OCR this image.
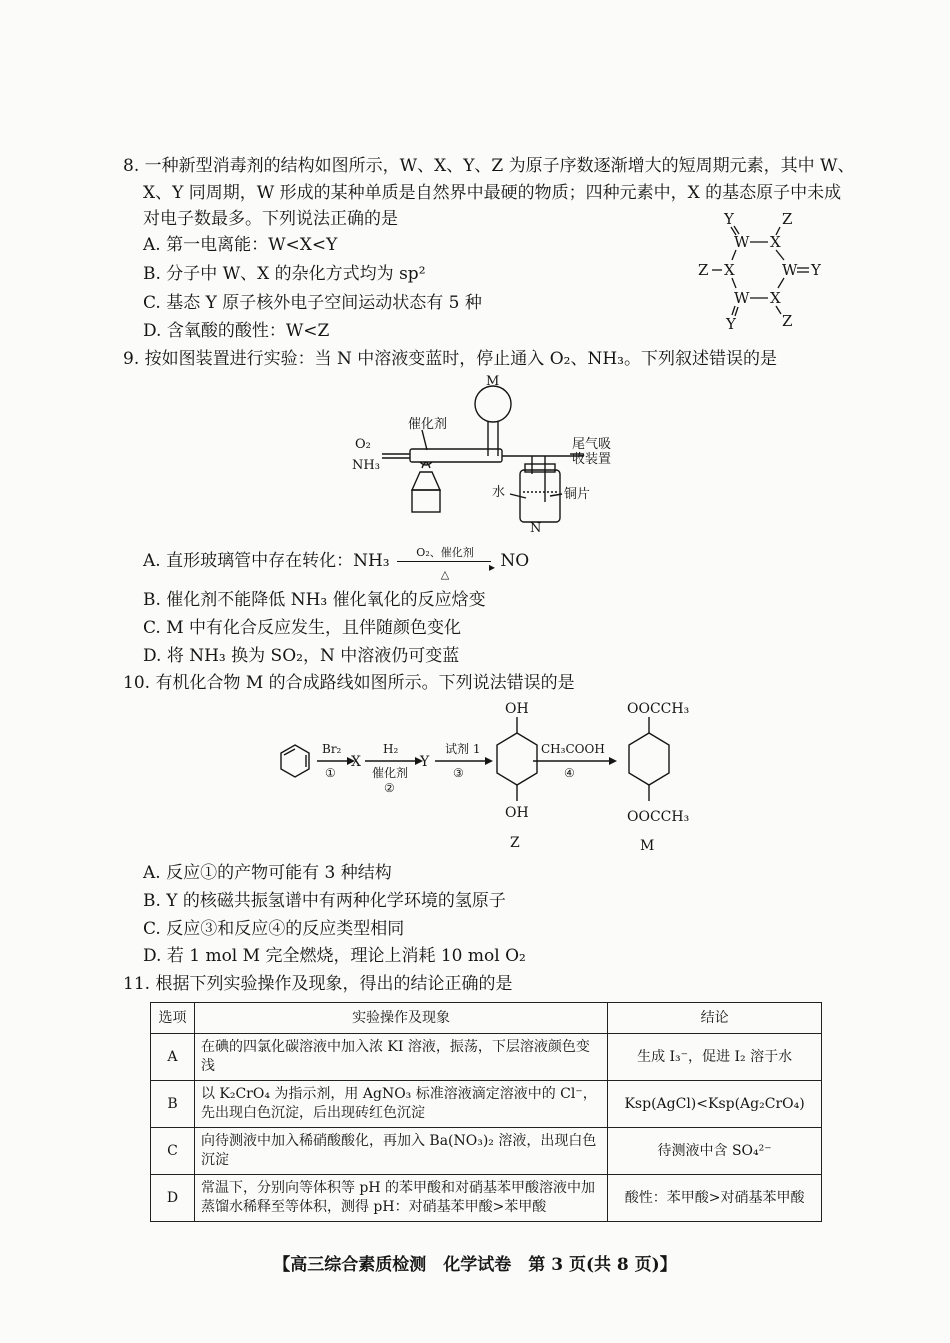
8. 一种新型消毒剂的结构如图所示，W、X、Y、Z 为原子序数逐渐增大的短周期元素，其中 W、
X、Y 同周期，W 形成的某种单质是自然界中最硬的物质；四种元素中，X 的基态原子中未成
对电子数最多。下列说法正确的是
A. 第一电离能：W<X<Y
B. 分子中 W、X 的杂化方式均为 sp²
C. 基态 Y 原子核外电子空间运动状态有 5 种
D. 含氧酸的酸性：W<Z
Y	Z
W X
Z X	W Y
W X
Y	Z
9. 按如图装置进行实验：当 N 中溶液变蓝时，停止通入 O₂、NH₃。下列叙述错误的是
M
催化剂
O₂
NH₃
尾气吸
收装置
水	铜片
N
A. 直形玻璃管中存在转化：NH₃	O₂、催化剂
▸
△
NO
B. 催化剂不能降低 NH₃ 催化氧化的反应焓变
C. M 中有化合反应发生，且伴随颜色变化
D. 将 NH₃ 换为 SO₂，N 中溶液仍可变蓝
10. 有机化合物 M 的合成路线如图所示。下列说法错误的是
Br₂
①
X
H₂
催化剂
②
Y
试剂 1
③
CH₃COOH
④
OH
OH
Z
OOCCH₃
OOCCH₃
M
A. 反应①的产物可能有 3 种结构
B. Y 的核磁共振氢谱中有两种化学环境的氢原子
C. 反应③和反应④的反应类型相同
D. 若 1 mol M 完全燃烧，理论上消耗 10 mol O₂
11. 根据下列实验操作及现象，得出的结论正确的是
选项	实验操作及现象	结论
A	在碘的四氯化碳溶液中加入浓 KI 溶液，振荡，下层溶液颜色变浅	生成 I₃⁻，促进 I₂ 溶于水
B	以 K₂CrO₄ 为指示剂，用 AgNO₃ 标准溶液滴定溶液中的 Cl⁻，先出现白色沉淀，后出现砖红色沉淀	Ksp(AgCl)<Ksp(Ag₂CrO₄)
C	向待测液中加入稀硝酸酸化，再加入 Ba(NO₃)₂ 溶液，出现白色沉淀	待测液中含 SO₄²⁻
D	常温下，分别向等体积等 pH 的苯甲酸和对硝基苯甲酸溶液中加蒸馏水稀释至等体积，测得 pH：对硝基苯甲酸>苯甲酸	酸性：苯甲酸>对硝基苯甲酸
【高三综合素质检测　化学试卷　第 3 页(共 8 页)】
